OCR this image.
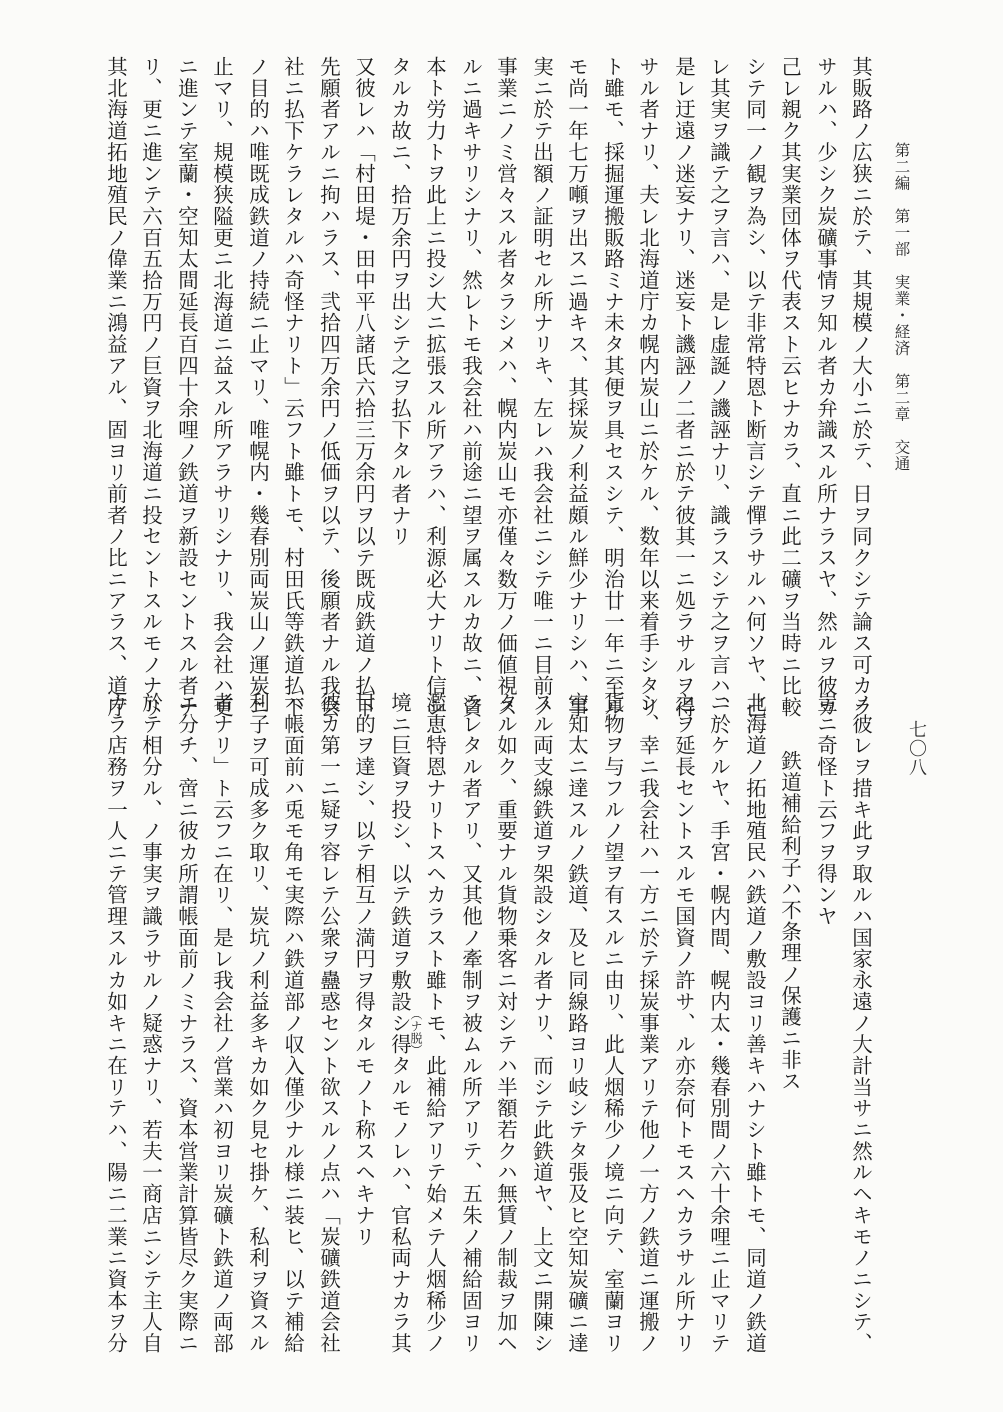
第二編　第一部　実業・経済　第二章　交通
七〇八
其販路ノ広狭ニ於テ、其規模ノ大小ニ於テ、日ヲ同クシテ論ス可カラ
サルハ、少シク炭礦事情ヲ知ル者カ弁識スル所ナラスヤ、然ルヲ彼カ
己レ親ク其実業団体ヲ代表スト云ヒナカラ、直ニ此二礦ヲ当時ニ比較
シテ同一ノ観ヲ為シ、以テ非常特恩ト断言シテ憚ラサルハ何ソヤ、己
レ其実ヲ識テ之ヲ言ハ、是レ虚誕ノ譏誣ナリ、識ラスシテ之ヲ言ハ、
是レ迂遠ノ迷妄ナリ、迷妄ト譏誣ノ二者ニ於テ彼其一ニ処ラサルヲ得
サル者ナリ、夫レ北海道庁カ幌内炭山ニ於ケル、数年以来着手シタリ
ト雖モ、採掘運搬販路ミナ未タ其便ヲ具セスシテ、明治廿一年ニ至ル
モ尚一年七万噸ヲ出スニ過キス、其採炭ノ利益頗ル鮮少ナリシハ、事
実ニ於テ出額ノ証明セル所ナリキ、左レハ我会社ニシテ唯一ニ目前ノ
事業ニノミ営々スル者タラシメハ、幌内炭山モ亦僅々数万ノ価値視ス
ルニ過キサリシナリ、然レトモ我会社ハ前途ニ望ヲ属スルカ故ニ、資
本ト労力トヲ此上ニ投シ大ニ拡張スル所アラハ、利源必大ナリト信シ
タルカ故ニ、拾万余円ヲ出シテ之ヲ払下タル者ナリ
又彼レハ「村田堤・田中平八諸氏六拾三万余円ヲ以テ既成鉄道ノ払下
先願者アルニ拘ハラス、弐拾四万余円ノ低価ヲ以テ、後願者ナル我会
社ニ払下ケラレタルハ奇怪ナリト」云フト雖トモ、村田氏等鉄道払下
ノ目的ハ唯既成鉄道ノ持続ニ止マリ、唯幌内・幾春別両炭山ノ運炭ニ
止マリ、規模狭隘更ニ北海道ニ益スル所アラサリシナリ、我会社ハ更
ニ進ンテ室蘭・空知太間延長百四十余哩ノ鉄道ヲ新設セントスル者ナ
リ、更ニ進ンテ六百五拾万円ノ巨資ヲ北海道ニ投セントスルモノナリ
其北海道拓地殖民ノ偉業ニ鴻益アル、固ヨリ前者ノ比ニアラス、道庁
ノ彼レヲ措キ此ヲ取ルハ国家永遠ノ大計当サニ然ルヘキモノニシテ、
豈ニ奇怪ト云フヲ得ンヤ
鉄道補給利子ハ不条理ノ保護ニ非ス
北海道ノ拓地殖民ハ鉄道ノ敷設ヨリ善キハナシト雖トモ、同道ノ鉄道
ニ於ケルヤ、手宮・幌内間、幌内太・幾春別間ノ六十余哩ニ止マリテ
之ヲ延長セントスルモ国資ノ許サ、ル亦奈何トモスヘカラサル所ナリ
シ、幸ニ我会社ハ一方ニ於テ採炭事業アリテ他ノ一方ノ鉄道ニ運搬ノ
貨物ヲ与フルノ望ヲ有スルニ由リ、此人烟稀少ノ境ニ向テ、室蘭ヨリ
空知太ニ達スルノ鉄道、及ヒ同線路ヨリ岐シテタ張及ヒ空知炭礦ニ達
スル両支線鉄道ヲ架設シタル者ナリ、而シテ此鉄道ヤ、上文ニ開陳シ
タル如ク、重要ナル貨物乗客ニ対シテハ半額若クハ無賃ノ制裁ヲ加ヘ
ラレタル者アリ、又其他ノ牽制ヲ被ムル所アリテ、五朱ノ補給固ヨリ
濫恵特恩ナリトスヘカラスト雖トモ、此補給アリテ始メテ人烟稀少ノ
境ニ巨資ヲ投シ、以テ鉄道ヲ敷設シ得タルモノレハ、官私両ナカラ其
目的ヲ達シ、以テ相互ノ満円ヲ得タルモノト称スヘキナリ
彼カ第一ニ疑ヲ容レテ公衆ヲ蠱惑セント欲スルノ点ハ「炭礦鉄道会社
ハ帳面前ハ兎モ角モ実際ハ鉄道部ノ収入僅少ナル様ニ装ヒ、以テ補給
利子ヲ可成多ク取リ、炭坑ノ利益多キカ如ク見セ掛ケ、私利ヲ資スル
者ナリ」ト云フニ在リ、是レ我会社ノ営業ハ初ヨリ炭礦ト鉄道ノ両部
ニ分チ、啻ニ彼カ所謂帳面前ノミナラス、資本営業計算皆尽ク実際ニ
於テ相分ル、ノ事実ヲ識ラサルノ疑惑ナリ、若夫一商店ニシテ主人自
カラ店務ヲ一人ニテ管理スルカ如キニ在リテハ、陽ニ二業ニ資本ヲ分	（ナ脱）
